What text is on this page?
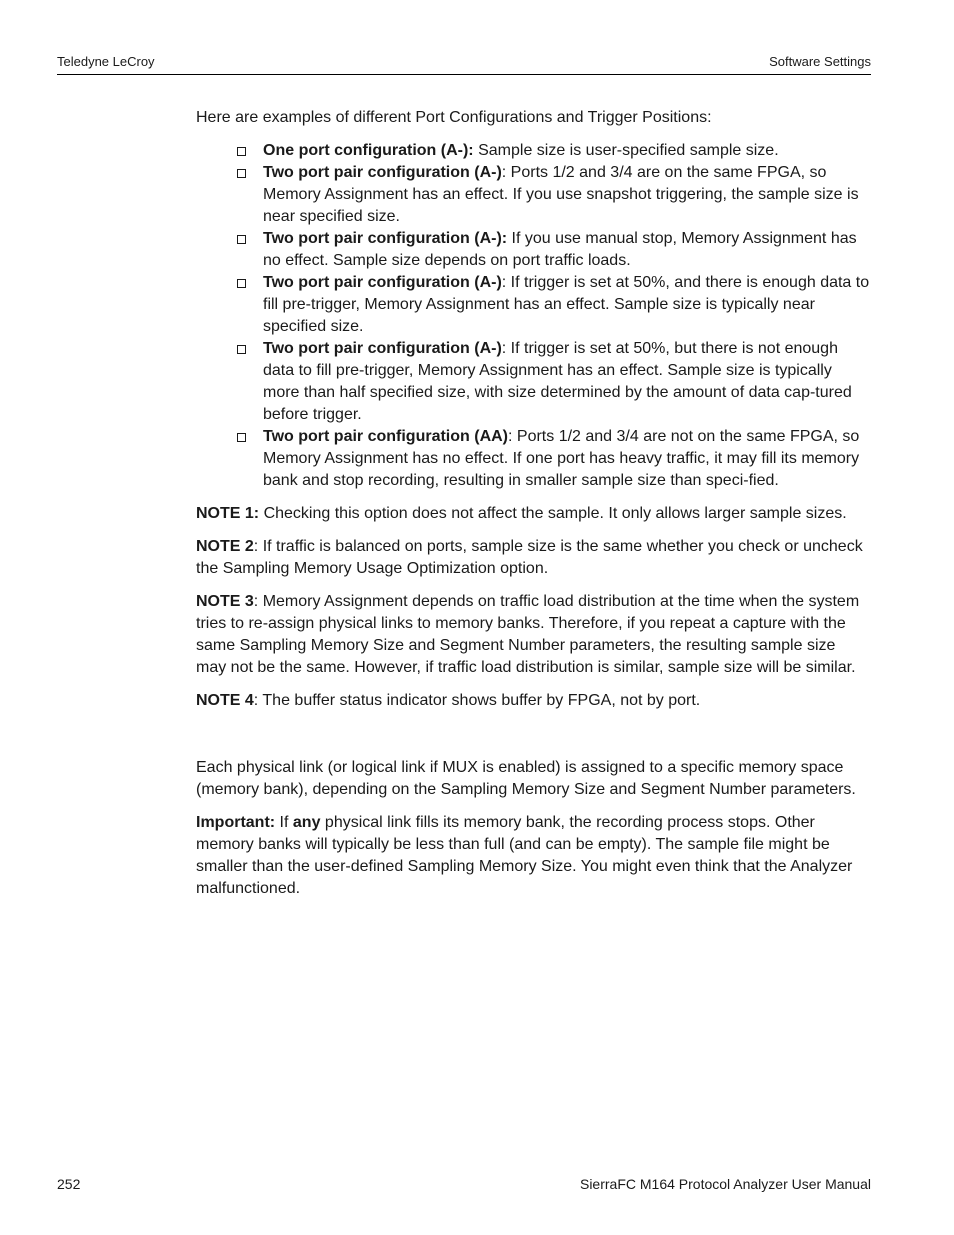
Teledyne LeCroy	Software Settings

Here are examples of different Port Configurations and Trigger Positions:

One port configuration (A-): Sample size is user-specified sample size.
Two port pair configuration (A-): Ports 1/2 and 3/4 are on the same FPGA, so Memory Assignment has an effect. If you use snapshot triggering, the sample size is near specified size.
Two port pair configuration (A-): If you use manual stop, Memory Assignment has no effect. Sample size depends on port traffic loads.
Two port pair configuration (A-): If trigger is set at 50%, and there is enough data to fill pre-trigger, Memory Assignment has an effect. Sample size is typically near specified size.
Two port pair configuration (A-): If trigger is set at 50%, but there is not enough data to fill pre-trigger, Memory Assignment has an effect. Sample size is typically more than half specified size, with size determined by the amount of data cap-tured before trigger.
Two port pair configuration (AA): Ports 1/2 and 3/4 are not on the same FPGA, so Memory Assignment has no effect. If one port has heavy traffic, it may fill its memory bank and stop recording, resulting in smaller sample size than speci-fied.

NOTE 1: Checking this option does not affect the sample. It only allows larger sample sizes.

NOTE 2: If traffic is balanced on ports, sample size is the same whether you check or uncheck the Sampling Memory Usage Optimization option.

NOTE 3: Memory Assignment depends on traffic load distribution at the time when the system tries to re-assign physical links to memory banks. Therefore, if you repeat a capture with the same Sampling Memory Size and Segment Number parameters, the resulting sample size may not be the same. However, if traffic load distribution is similar, sample size will be similar.

NOTE 4: The buffer status indicator shows buffer by FPGA, not by port.

Each physical link (or logical link if MUX is enabled) is assigned to a specific memory space (memory bank), depending on the Sampling Memory Size and Segment Number parameters.

Important: If any physical link fills its memory bank, the recording process stops. Other memory banks will typically be less than full (and can be empty). The sample file might be smaller than the user-defined Sampling Memory Size. You might even think that the Analyzer malfunctioned.

252	SierraFC M164 Protocol Analyzer User Manual
